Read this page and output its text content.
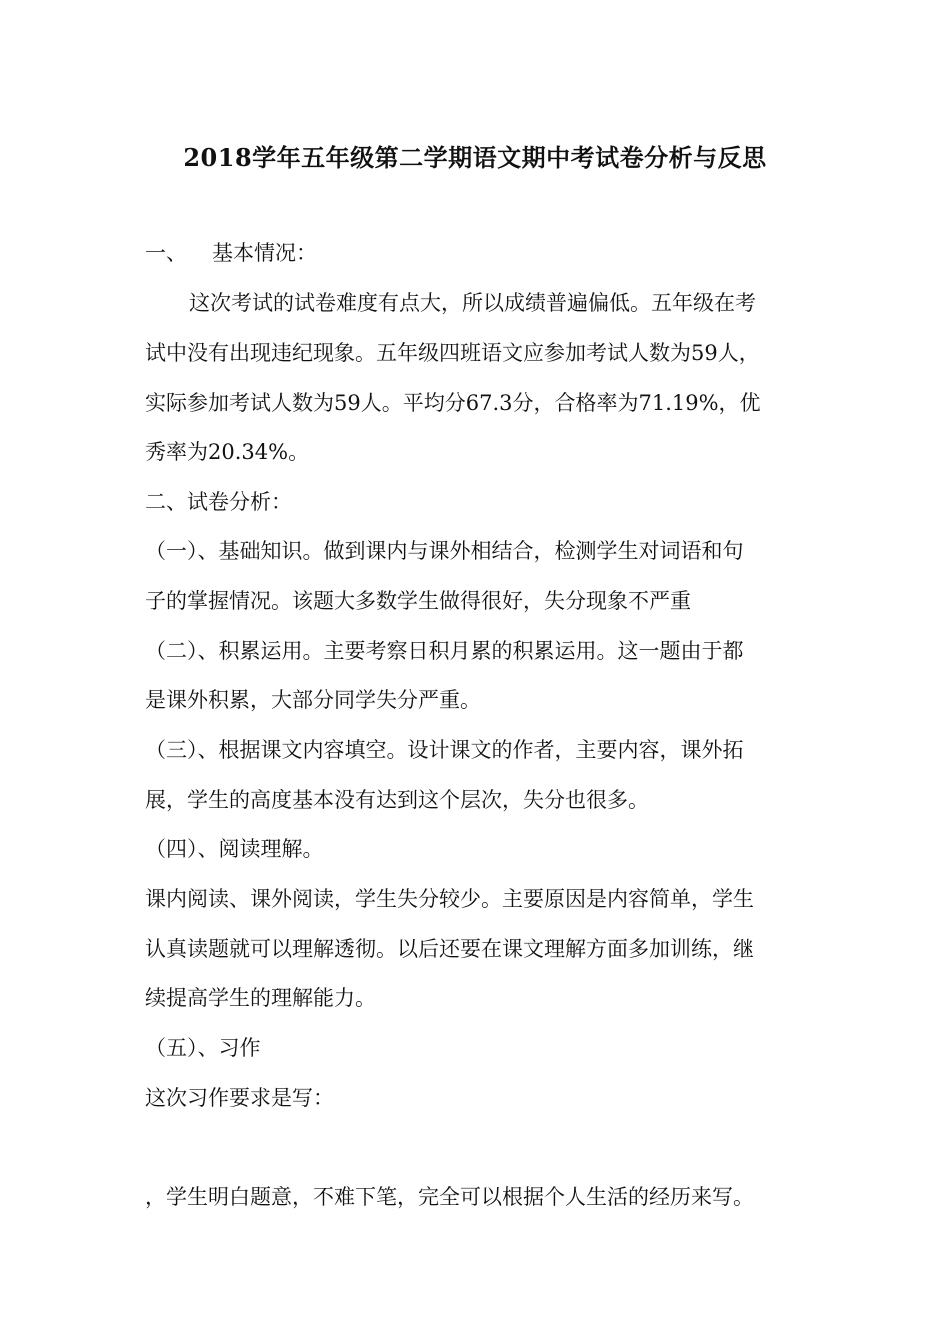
2018学年五年级第二学期语文期中考试卷分析与反思
一、 基本情况：
这次考试的试卷难度有点大，所以成绩普遍偏低。五年级在考
试中没有出现违纪现象。五年级四班语文应参加考试人数为59人，
实际参加考试人数为59人。平均分67.3分，合格率为71.19%，优
秀率为20.34%。
二、试卷分析：
（一）、基础知识。做到课内与课外相结合，检测学生对词语和句
子的掌握情况。该题大多数学生做得很好，失分现象不严重
（二）、积累运用。主要考察日积月累的积累运用。这一题由于都
是课外积累，大部分同学失分严重。
（三）、根据课文内容填空。设计课文的作者，主要内容，课外拓
展，学生的高度基本没有达到这个层次，失分也很多。
（四）、阅读理解。
课内阅读、课外阅读，学生失分较少。主要原因是内容简单，学生
认真读题就可以理解透彻。以后还要在课文理解方面多加训练，继
续提高学生的理解能力。
（五）、习作
这次习作要求是写：
，学生明白题意，不难下笔，完全可以根据个人生活的经历来写。
